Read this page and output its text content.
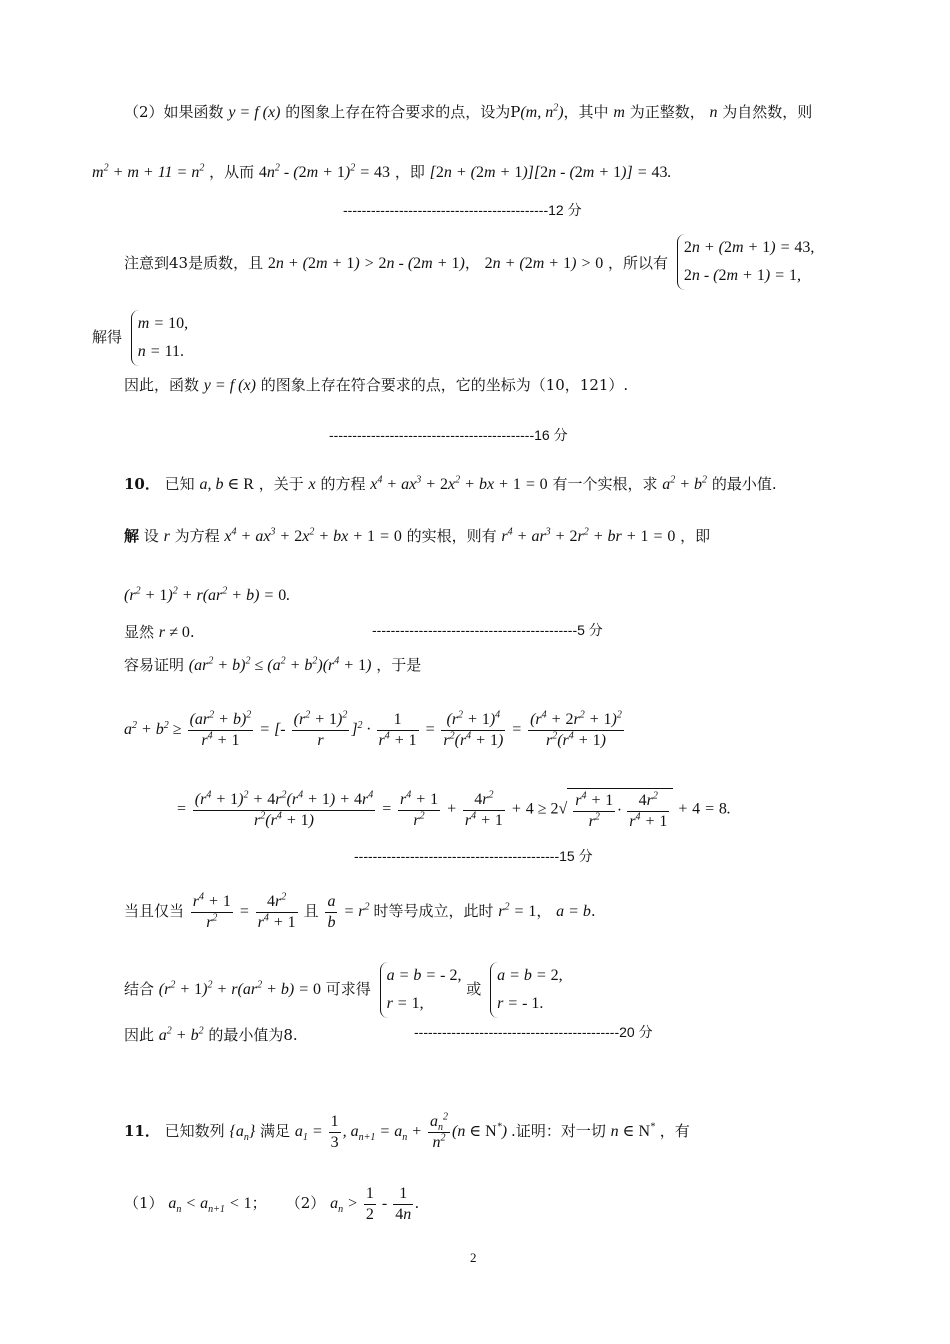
（2）如果函数 y = f (x) 的图象上存在符合要求的点，设为P(m, $n^2$)，其中 m 为正整数， n 为自然数，则
$m^2 + m + 11 = n^2$ ，从而 $4n^2 - (2m + 1)^2 = 43$ ，即 [2n + (2m + 1)][2n - (2m + 1)] = 43.
--------------------------------------------12 分
注意到43是质数，且 2n + (2m + 1) > 2n - (2m + 1)， 2n + (2m + 1) > 0 ，所以有
2n + (2m + 1) = 43,
2n - (2m + 1) = 1,
解得
m = 10,
n = 11.
因此，函数 y = f (x) 的图象上存在符合要求的点，它的坐标为（10，121）.
--------------------------------------------16 分
10． 已知 a, b ∈ R ，关于 x 的方程 $x^4 + ax^3 + 2x^2$ + bx + 1 = 0 有一个实根，求 $a^2 + b^2$ 的最小值.
解 设 r 为方程 $x^4 + ax^3 + 2x^2$ + bx + 1 = 0 的实根，则有 $r^4 + ar^3 + 2r^2$ + br + 1 = 0 ，即
$(r^2 + 1)^2 + r(ar^2 + b) = 0$.
显然 r ≠ 0.	--------------------------------------------5 分
容易证明 $(ar^2 + b)^2 \le (a^2 + b^2)(r^4 + 1)$ ，于是
$a^2 + b^2 \ge \frac{(ar^2 + b)^2}{r^4 + 1}$ = [- $\frac{(r^2 + 1)^2}{r} ]^2 \cdot \frac{1}{r^4 + 1} = \frac{(r^2 + 1)^4}{r^2(r^4 + 1)} = \frac{(r^4 + 2r^2 + 1)^2}{r^2(r^4 + 1)}$
= $\frac{(r^4 + 1)^2 + 4r^2(r^4 + 1) + 4r^4}{r^2(r^4 + 1)} = \frac{r^4 + 1}{r^2} + \frac{4r^2}{r^4 + 1} + 4 \ge 2√ \frac{r^4 + 1}{r^2} \cdot \frac{4r^2}{r^4 + 1} + 4 = 8$.
--------------------------------------------15 分
当且仅当 $\frac{r^4 + 1}{r^2} = \frac{4r^2}{r^4 + 1}$ 且 $\frac{a}{b} = r^2$ 时等号成立，此时 $r^2 = 1$， a = b.
结合 $(r^2 + 1)^2 + r(ar^2 + b) = 0$ 可求得
a = b = - 2,
r = 1,
或
a = b = 2,
r = - 1.
因此 $a^2 + b^2$ 的最小值为8.	--------------------------------------------20 分
11． 已知数列 $\{a_n\}$ 满足 $a_1 = \frac{1}{3}$ , $a_{n+1} = a_n + \frac{a_n^2}{n^2} (n$ ∈ N*) .证明：对一切 n ∈ N* ，有
（1） $a_n < a_{n+1} < 1$； （2） $a_n > \frac{1}{2} - \frac{1}{4n}$ .
2
